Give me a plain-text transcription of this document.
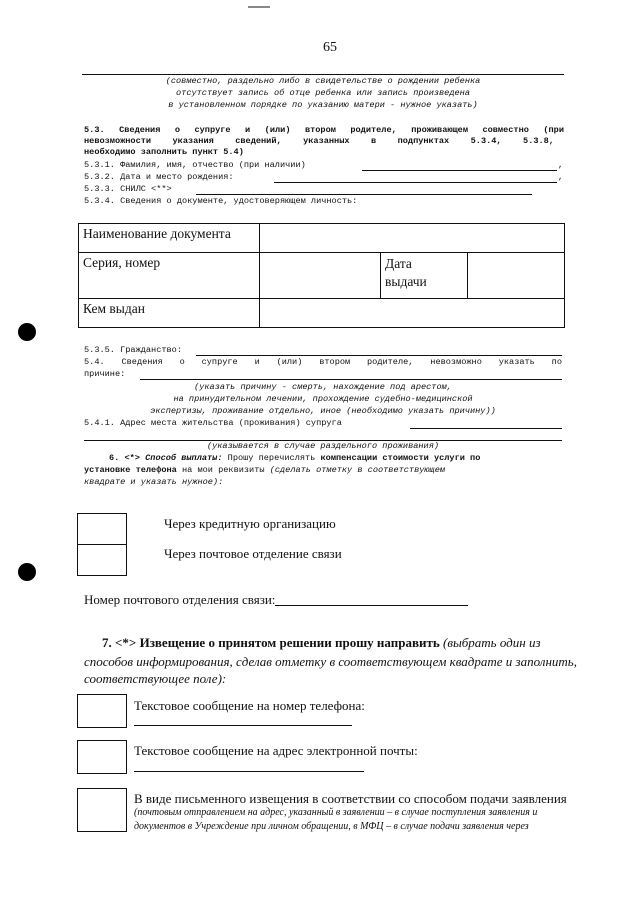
65
(совместно, раздельно либо в свидетельстве о рождении ребенка
отсутствует запись об отце ребенка или запись произведена
в установленном порядке по указанию матери - нужное указать)
5.3. Сведения о супруге и (или) втором родителе, проживающем совместно (при
невозможности указания сведений, указанных в подпунктах 5.3.4, 5.3.8,
необходимо заполнить пункт 5.4)
5.3.1. Фамилия, имя, отчество (при наличии)	,
5.3.2. Дата и место рождения:	,
5.3.3. СНИЛС <**>
5.3.4. Сведения о документе, удостоверяющем личность:
Наименование документа			
Серия, номер		Дата
выдачи	
Кем выдан			
5.3.5. Гражданство:
5.4. Сведения о супруге и (или) втором родителе, невозможно указать по
причине:
(указать причину - смерть, нахождение под арестом,
на принудительном лечении, прохождение судебно-медицинской
экспертизы, проживание отдельно, иное (необходимо указать причину))
5.4.1. Адрес места жительства (проживания) супруга
(указывается в случае раздельного проживания)
6. <*> Способ выплаты: Прошу перечислять компенсации стоимости услуги по
установке телефона на мои реквизиты (сделать отметку в соответствующем
квадрате и указать нужное):
Через кредитную организацию
Через почтовое отделение связи
Номер почтового отделения связи:
7. <*> Извещение о принятом решении прошу направить (выбрать один из
способов информирования, сделав отметку в соответствующем квадрате и заполнить,
соответствующее поле):
Текстовое сообщение на номер телефона:
Текстовое сообщение на адрес электронной почты:
В виде письменного извещения в соответствии со способом подачи заявления
(почтовым отправлением на адрес, указанный в заявлении – в случае поступления заявления и
документов в Учреждение при личном обращении, в МФЦ – в случае подачи заявления через
